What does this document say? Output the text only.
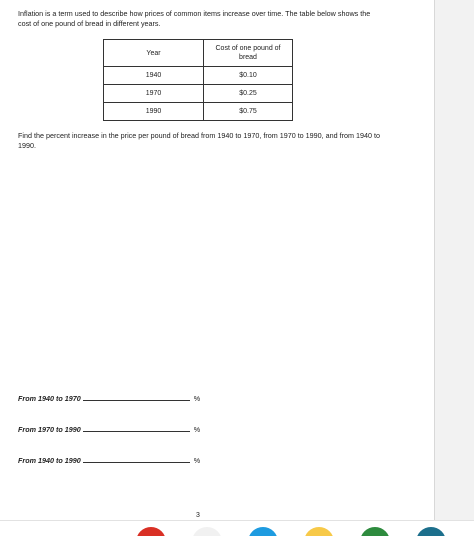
Inflation is a term used to describe how prices of common items increase over time. The table below shows the cost of one pound of bread in different years.
Year	Cost of one pound of bread
1940	$0.10
1970	$0.25
1990	$0.75
Find the percent increase in the price per pound of bread from 1940 to 1970, from 1970 to 1990, and from 1940 to 1990.
From 1940 to 1970	%
From 1970 to 1990	%
From 1940 to 1990	%
3
